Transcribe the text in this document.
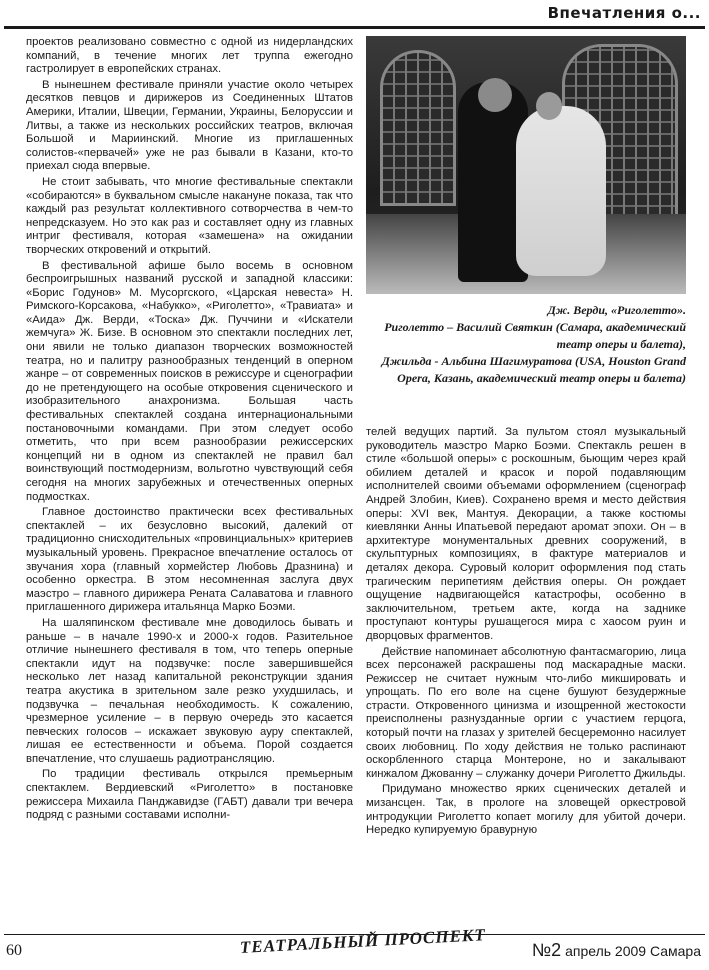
Впечатления о...

проектов реализовано совместно с одной из нидерландских компаний, в течение многих лет труппа ежегодно гастролирует в европейских странах.

В нынешнем фестивале приняли участие около четырех десятков певцов и дирижеров из Соединенных Штатов Америки, Италии, Швеции, Германии, Украины, Белоруссии и Литвы, а также из нескольких российских театров, включая Большой и Мариинский. Многие из приглашенных солистов-«первачей» уже не раз бывали в Казани, кто-то приехал сюда впервые.

Не стоит забывать, что многие фестивальные спектакли «собираются» в буквальном смысле накануне показа, так что каждый раз результат коллективного сотворчества в чем-то непредсказуем. Но это как раз и составляет одну из главных интриг фестиваля, которая «замешена» на ожидании творческих откровений и открытий.

В фестивальной афише было восемь в основном беспроигрышных названий русской и западной классики: «Борис Годунов» М. Мусоргского, «Царская невеста» Н. Римского-Корсакова, «Набукко», «Риголетто», «Травиата» и «Аида» Дж. Верди, «Тоска» Дж. Пуччини и «Искатели жемчуга» Ж. Бизе. В основном это спектакли последних лет, они явили не только диапазон творческих возможностей театра, но и палитру разнообразных тенденций в оперном жанре – от современных поисков в режиссуре и сценографии до не претендующего на особые откровения сценического и изобразительного анахронизма. Большая часть фестивальных спектаклей создана интернациональными постановочными командами. При этом следует особо отметить, что при всем разнообразии режиссерских концепций ни в одном из спектаклей не правил бал воинствующий постмодернизм, вольготно чувствующий себя сегодня на многих зарубежных и отечественных оперных подмостках.

Главное достоинство практически всех фестивальных спектаклей – их безусловно высокий, далекий от традиционно снисходительных «провинциальных» критериев музыкальный уровень. Прекрасное впечатление осталось от звучания хора (главный хормейстер Любовь Дразнина) и особенно оркестра. В этом несомненная заслуга двух маэстро – главного дирижера Рената Салаватова и главного приглашенного дирижера итальянца Марко Боэми.

На шаляпинском фестивале мне доводилось бывать и раньше – в начале 1990-х и 2000-х годов. Разительное отличие нынешнего фестиваля в том, что теперь оперные спектакли идут на подзвучке: после завершившейся несколько лет назад капитальной реконструкции здания театра акустика в зрительном зале резко ухудшилась, и подзвучка – печальная необходимость. К сожалению, чрезмерное усиление – в первую очередь это касается певческих голосов – искажает звуковую ауру спектаклей, лишая ее естественности и объема. Порой создается впечатление, что слушаешь радиотрансляцию.

По традиции фестиваль открылся премьерным спектаклем. Вердиевский «Риголетто» в постановке режиссера Михаила Панджавидзе (ГАБТ) давали три вечера подряд с разными составами исполни-

Дж. Верди, «Риголетто».
Риголетто – Василий Святкин (Самара, академический театр оперы и балета),
Джильда - Альбина Шагимуратова (USA, Houston Grand Opera, Казань, академический театр оперы и балета)

телей ведущих партий. За пультом стоял музыкальный руководитель маэстро Марко Боэми. Спектакль решен в стиле «большой оперы» с роскошным, бьющим через край обилием деталей и красок и порой подавляющим исполнителей своими объемами оформлением (сценограф Андрей Злобин, Киев). Сохранено время и место действия оперы: XVI век, Мантуя. Декорации, а также костюмы киевлянки Анны Ипатьевой передают аромат эпохи. Он – в архитектуре монументальных древних сооружений, в скульптурных композициях, в фактуре материалов и деталях декора. Суровый колорит оформления под стать трагическим перипетиям действия оперы. Он рождает ощущение надвигающейся катастрофы, особенно в заключительном, третьем акте, когда на заднике проступают контуры рушащегося мира с хаосом руин и дворцовых фрагментов.

Действие напоминает абсолютную фантасмагорию, лица всех персонажей раскрашены под маскарадные маски. Режиссер не считает нужным что-либо микшировать и упрощать. По его воле на сцене бушуют безудержные страсти. Откровенного цинизма и изощренной жестокости преисполнены разнузданные оргии с участием герцога, который почти на глазах у зрителей бесцеремонно насилует своих любовниц. По ходу действия не только распинают оскорбленного старца Монтероне, но и закалывают кинжалом Джованну – служанку дочери Риголетто Джильды.

Придумано множество ярких сценических деталей и мизансцен. Так, в прологе на зловещей оркестровой интродукции Риголетто копает могилу для убитой дочери. Нередко купируемую бравурную

60	ТЕАТРАЛЬНЫЙ ПРОСПЕКТ	№2 апрель 2009 Самара
